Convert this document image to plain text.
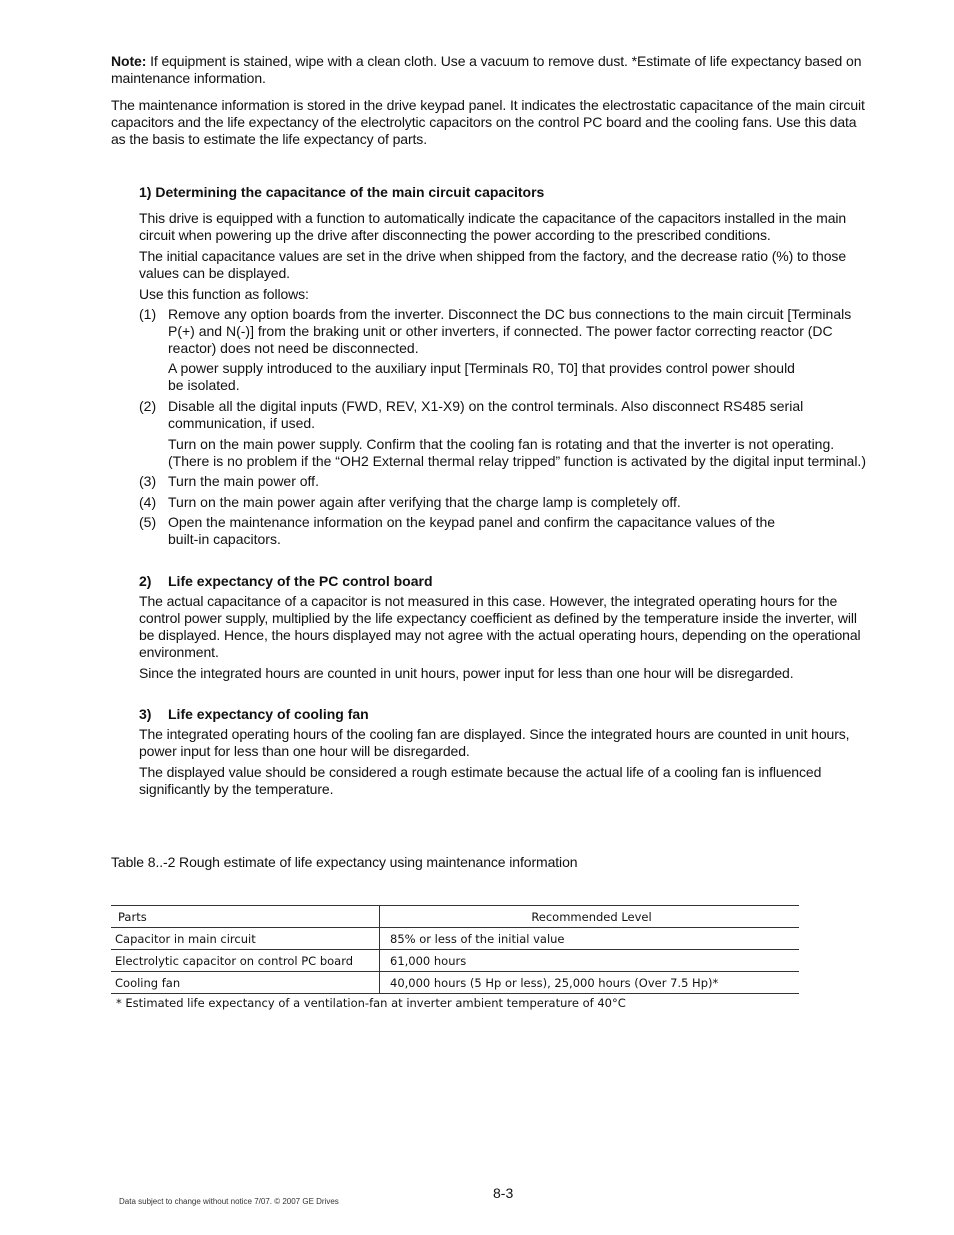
Note: If equipment is stained, wipe with a clean cloth. Use a vacuum to remove dust. *Estimate of life expectancy based on maintenance information.

The maintenance information is stored in the drive keypad panel. It indicates the electrostatic capacitance of the main circuit capacitors and the life expectancy of the electrolytic capacitors on the control PC board and the cooling fans. Use this data as the basis to estimate the life expectancy of parts.

1) Determining the capacitance of the main circuit capacitors

This drive is equipped with a function to automatically indicate the capacitance of the capacitors installed in the main circuit when powering up the drive after disconnecting the power according to the prescribed conditions.

The initial capacitance values are set in the drive when shipped from the factory, and the decrease ratio (%) to those values can be displayed.

Use this function as follows:

(1) Remove any option boards from the inverter. Disconnect the DC bus connections to the main circuit [Terminals P(+) and N(-)] from the braking unit or other inverters, if connected. The power factor correcting reactor (DC reactor) does not need be disconnected.
A power supply introduced to the auxiliary input [Terminals R0, T0] that provides control power should be isolated.
(2) Disable all the digital inputs (FWD, REV, X1-X9) on the control terminals. Also disconnect RS485 serial communication, if used.
Turn on the main power supply. Confirm that the cooling fan is rotating and that the inverter is not operating. (There is no problem if the “OH2 External thermal relay tripped” function is activated by the digital input terminal.)
(3) Turn the main power off.
(4) Turn on the main power again after verifying that the charge lamp is completely off.
(5) Open the maintenance information on the keypad panel and confirm the capacitance values of the built-in capacitors.
2) Life expectancy of the PC control board

The actual capacitance of a capacitor is not measured in this case. However, the integrated operating hours for the control power supply, multiplied by the life expectancy coefficient as defined by the temperature inside the inverter, will be displayed. Hence, the hours displayed may not agree with the actual operating hours, depending on the operational environment.

Since the integrated hours are counted in unit hours, power input for less than one hour will be disregarded.

3) Life expectancy of cooling fan

The integrated operating hours of the cooling fan are displayed. Since the integrated hours are counted in unit hours, power input for less than one hour will be disregarded.

The displayed value should be considered a rough estimate because the actual life of a cooling fan is influenced significantly by the temperature.

Table 8..-2 Rough estimate of life expectancy using maintenance information

Parts	Recommended Level
Capacitor in main circuit	85% or less of the initial value
Electrolytic capacitor on control PC board	61,000 hours
Cooling fan	40,000 hours (5 Hp or less), 25,000 hours (Over 7.5 Hp)*
* Estimated life expectancy of a ventilation-fan at inverter ambient temperature of 40°C
8-3
Data subject to change without notice 7/07. © 2007 GE Drives
